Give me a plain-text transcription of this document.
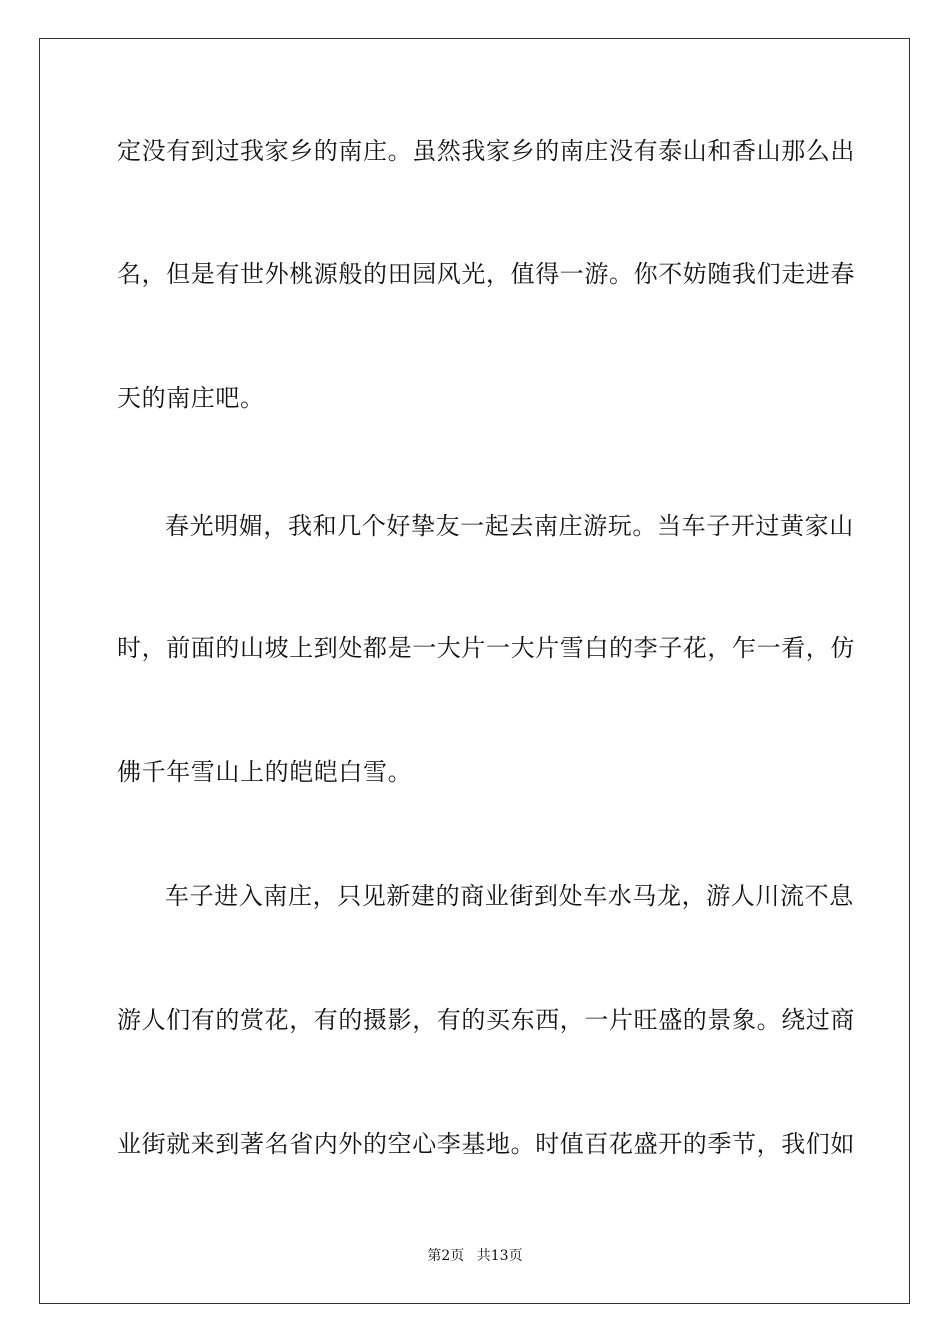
定没有到过我家乡的南庄。虽然我家乡的南庄没有泰山和香山那么出
名，但是有世外桃源般的田园风光，值得一游。你不妨随我们走进春
天的南庄吧。
春光明媚，我和几个好挚友一起去南庄游玩。当车子开过黄家山
时，前面的山坡上到处都是一大片一大片雪白的李子花，乍一看，仿
佛千年雪山上的皑皑白雪。
车子进入南庄，只见新建的商业街到处车水马龙，游人川流不息
游人们有的赏花，有的摄影，有的买东西，一片旺盛的景象。绕过商
业街就来到著名省内外的空心李基地。时值百花盛开的季节，我们如
第2页 共13页
